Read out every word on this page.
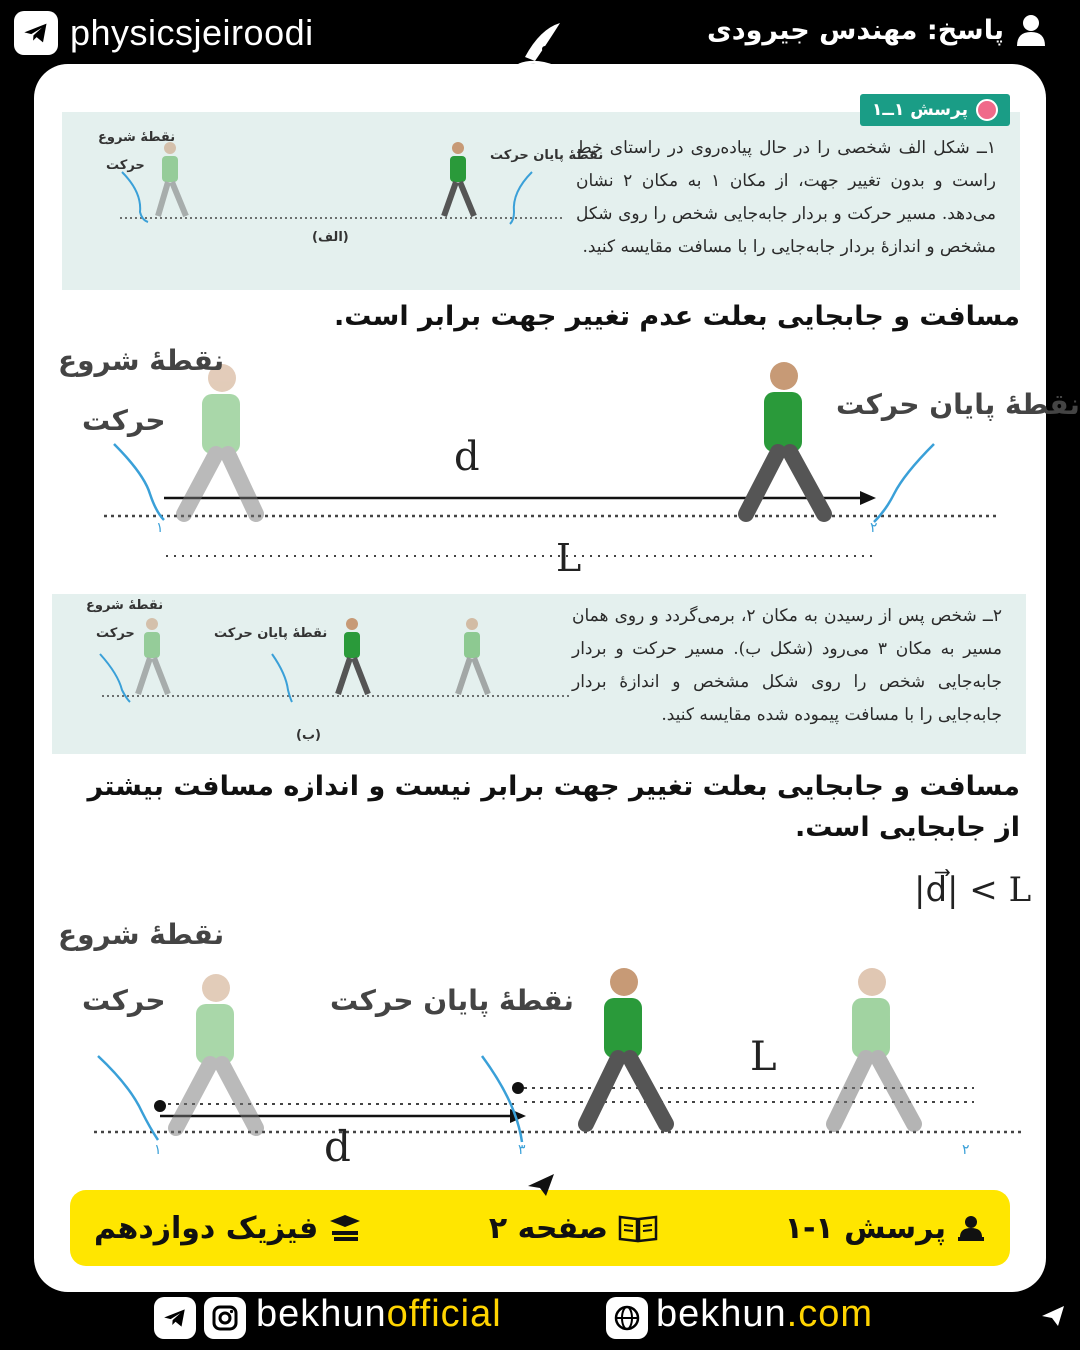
physicsjeiroodi	پاسخ: مهندس جیرودی
پرسش ۱ــ۱
۱ــ شکل الف شخصی را در حال پیاده‌روی در راستای خط راست و بدون تغییر جهت، از مکان ۱ به مکان ۲ نشان می‌دهد. مسیر حرکت و بردار جابه‌جایی شخص را روی شکل مشخص و اندازهٔ بردار جابه‌جایی را با مسافت مقایسه کنید.
نقطهٔ شروع
حرکت
نقطهٔ پایان حرکت
(الف)
مسافت و جابجایی بعلت عدم تغییر جهت برابر است.
نقطهٔ شروع
حرکت	نقطهٔ پایان حرکت
d
L
۱	۲
۲ــ شخص پس از رسیدن به مکان ۲، برمی‌گردد و روی همان مسیر به مکان ۳ می‌رود (شکل ب). مسیر حرکت و بردار جابه‌جایی شخص را روی شکل مشخص و اندازهٔ بردار جابه‌جایی را با مسافت پیموده شده مقایسه کنید.
نقطهٔ شروع
حرکت	نقطهٔ پایان حرکت
(ب)
مسافت و جابجایی بعلت تغییر جهت برابر نیست و اندازه مسافت بیشتر از جابجایی است.
|d⃗| < L
نقطهٔ شروع
حرکت	نقطهٔ پایان حرکت
L
d
۱	۳	۲
پرسش ۱-۱
صفحه ۲
فیزیک دوازدهم
bekhunofficial	bekhun.com
